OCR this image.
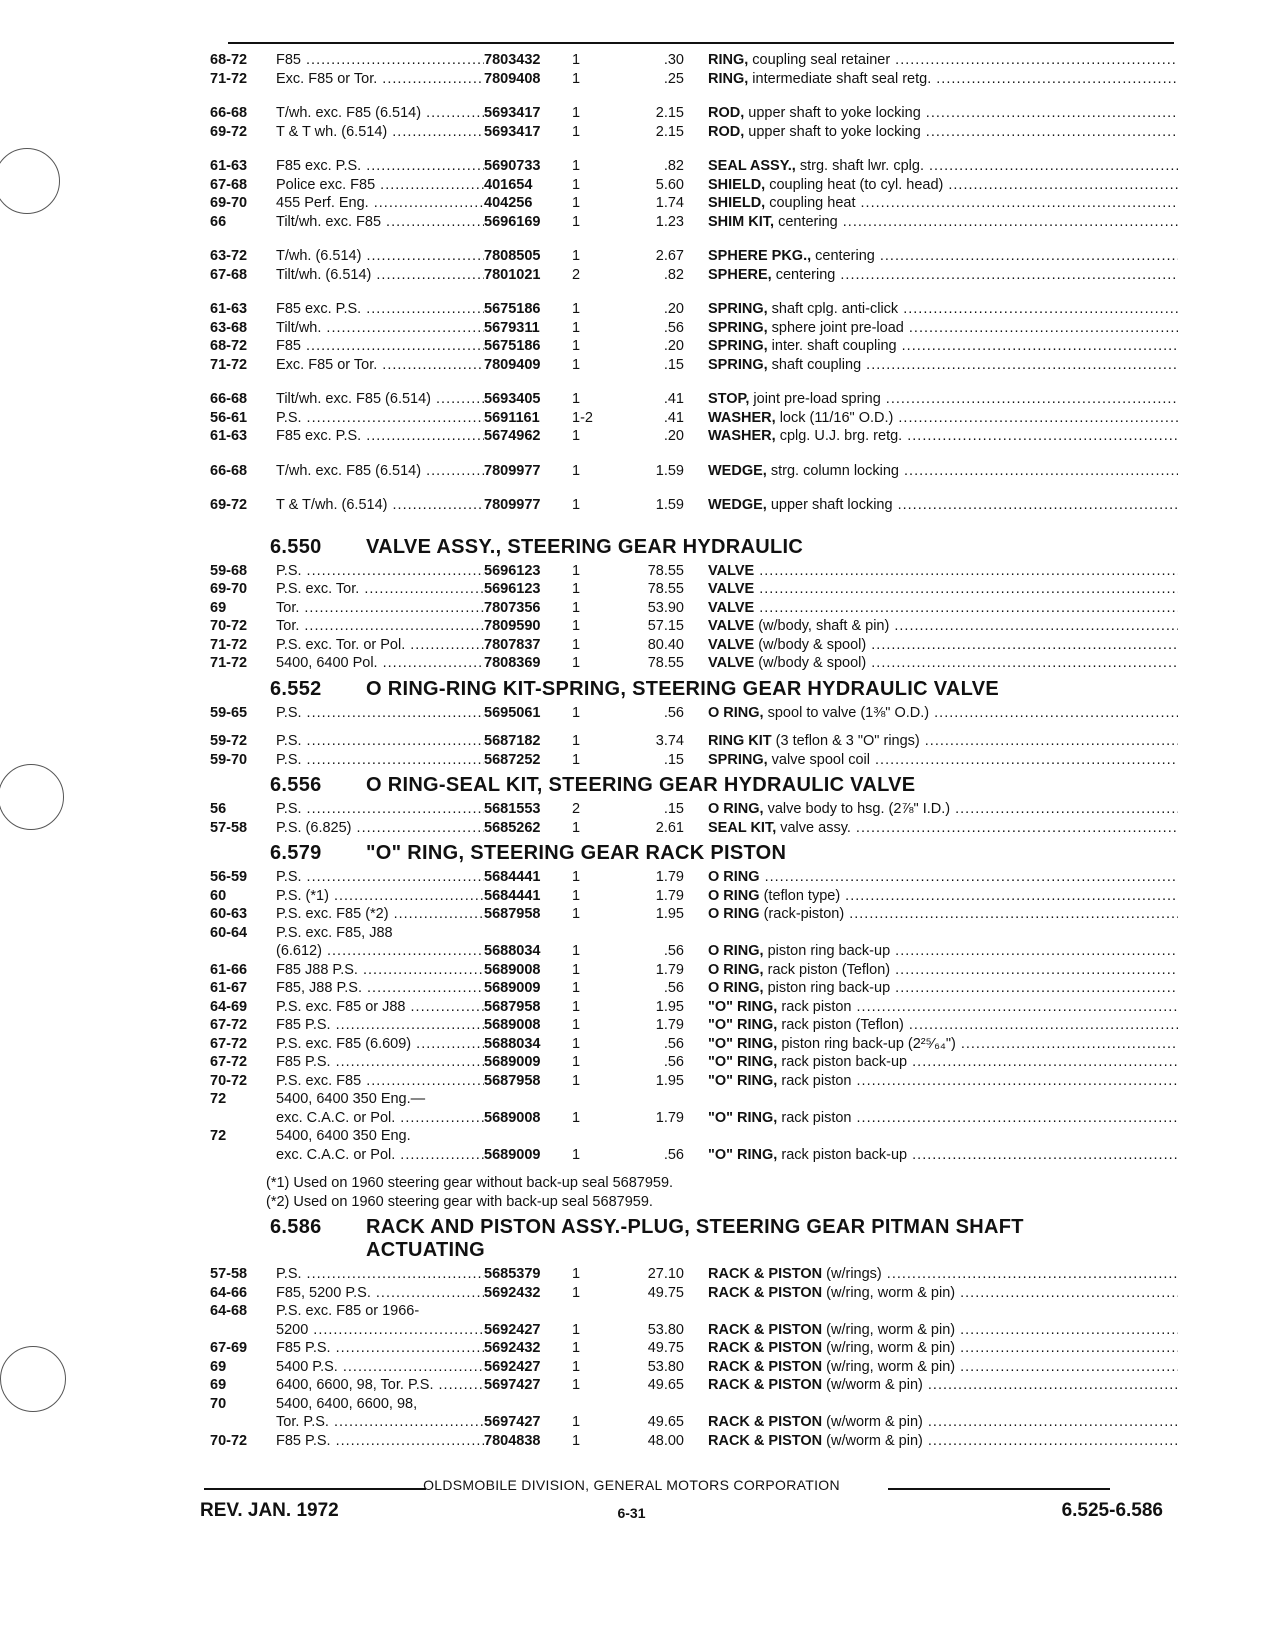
68-72	F85 .....	7803432	1	.30	RING, coupling seal retainer .....
71-72	Exc. F85 or Tor. .....	7809408	1	.25	RING, intermediate shaft seal retg. .....
66-68	T/wh. exc. F85 (6.514) .....	5693417	1	2.15	ROD, upper shaft to yoke locking .....
69-72	T & T wh. (6.514) .....	5693417	1	2.15	ROD, upper shaft to yoke locking .....
61-63	F85 exc. P.S. .....	5690733	1	.82	SEAL ASSY., strg. shaft lwr. cplg. .....
67-68	Police exc. F85 .....	401654	1	5.60	SHIELD, coupling heat (to cyl. head) .....
69-70	455 Perf. Eng. .....	404256	1	1.74	SHIELD, coupling heat .....
66	Tilt/wh. exc. F85 .....	5696169	1	1.23	SHIM KIT, centering .....
63-72	T/wh. (6.514) .....	7808505	1	2.67	SPHERE PKG., centering .....
67-68	Tilt/wh. (6.514) .....	7801021	2	.82	SPHERE, centering .....
61-63	F85 exc. P.S. .....	5675186	1	.20	SPRING, shaft cplg. anti-click .....
63-68	Tilt/wh. .....	5679311	1	.56	SPRING, sphere joint pre-load .....
68-72	F85 .....	5675186	1	.20	SPRING, inter. shaft coupling .....
71-72	Exc. F85 or Tor. .....	7809409	1	.15	SPRING, shaft coupling .....
66-68	Tilt/wh. exc. F85 (6.514) .....	5693405	1	.41	STOP, joint pre-load spring .....
56-61	P.S. .....	5691161	1-2	.41	WASHER, lock (11/16" O.D.) .....
61-63	F85 exc. P.S. .....	5674962	1	.20	WASHER, cplg. U.J. brg. retg. .....
66-68	T/wh. exc. F85 (6.514) .....	7809977	1	1.59	WEDGE, strg. column locking .....
69-72	T & T/wh. (6.514) .....	7809977	1	1.59	WEDGE, upper shaft locking .....
6.550	VALVE ASSY., STEERING GEAR HYDRAULIC
59-68	P.S. .....	5696123	1	78.55	VALVE .....
69-70	P.S. exc. Tor. .....	5696123	1	78.55	VALVE .....
69	Tor. .....	7807356	1	53.90	VALVE .....
70-72	Tor. .....	7809590	1	57.15	VALVE (w/body, shaft & pin) .....
71-72	P.S. exc. Tor. or Pol. .....	7807837	1	80.40	VALVE (w/body & spool) .....
71-72	5400, 6400 Pol. .....	7808369	1	78.55	VALVE (w/body & spool) .....
6.552	O RING-RING KIT-SPRING, STEERING GEAR HYDRAULIC VALVE
59-65	P.S. .....	5695061	1	.56	O RING, spool to valve (1⅜" O.D.) .....
59-72	P.S. .....	5687182	1	3.74	RING KIT (3 teflon & 3 "O" rings) .....
59-70	P.S. .....	5687252	1	.15	SPRING, valve spool coil .....
6.556	O RING-SEAL KIT, STEERING GEAR HYDRAULIC VALVE
56	P.S. .....	5681553	2	.15	O RING, valve body to hsg. (2⅞" I.D.) .....
57-58	P.S. (6.825) .....	5685262	1	2.61	SEAL KIT, valve assy. .....
6.579	"O" RING, STEERING GEAR RACK PISTON
56-59	P.S. .....	5684441	1	1.79	O RING .....
60	P.S. (*1) .....	5684441	1	1.79	O RING (teflon type) .....
60-63	P.S. exc. F85 (*2) .....	5687958	1	1.95	O RING (rack-piston) .....
60-64	P.S. exc. F85, J88
(6.612) .....	5688034	1	.56	O RING, piston ring back-up .....
61-66	F85 J88 P.S. .....	5689008	1	1.79	O RING, rack piston (Teflon) .....
61-67	F85, J88 P.S. .....	5689009	1	.56	O RING, piston ring back-up .....
64-69	P.S. exc. F85 or J88 .....	5687958	1	1.95	"O" RING, rack piston .....
67-72	F85 P.S. .....	5689008	1	1.79	"O" RING, rack piston (Teflon) .....
67-72	P.S. exc. F85 (6.609) .....	5688034	1	.56	"O" RING, piston ring back-up (2²⁵⁄₆₄") .....
67-72	F85 P.S. .....	5689009	1	.56	"O" RING, rack piston back-up .....
70-72	P.S. exc. F85 .....	5687958	1	1.95	"O" RING, rack piston .....
72	5400, 6400 350 Eng.—
exc. C.A.C. or Pol. .....	5689008	1	1.79	"O" RING, rack piston .....
72	5400, 6400 350 Eng.
exc. C.A.C. or Pol. .....	5689009	1	.56	"O" RING, rack piston back-up .....
(*1) Used on 1960 steering gear without back-up seal 5687959.
(*2) Used on 1960 steering gear with back-up seal 5687959.
6.586	RACK AND PISTON ASSY.-PLUG, STEERING GEAR PITMAN SHAFT
ACTUATING
57-58	P.S. .....	5685379	1	27.10	RACK & PISTON (w/rings) .....
64-66	F85, 5200 P.S. .....	5692432	1	49.75	RACK & PISTON (w/ring, worm & pin) .....
64-68	P.S. exc. F85 or 1966-
5200 .....	5692427	1	53.80	RACK & PISTON (w/ring, worm & pin) .....
67-69	F85 P.S. .....	5692432	1	49.75	RACK & PISTON (w/ring, worm & pin) .....
69	5400 P.S. .....	5692427	1	53.80	RACK & PISTON (w/ring, worm & pin) .....
69	6400, 6600, 98, Tor. P.S. .....	5697427	1	49.65	RACK & PISTON (w/worm & pin) .....
70	5400, 6400, 6600, 98,
Tor. P.S. .....	5697427	1	49.65	RACK & PISTON (w/worm & pin) .....
70-72	F85 P.S. .....	7804838	1	48.00	RACK & PISTON (w/worm & pin) .....
OLDSMOBILE DIVISION, GENERAL MOTORS CORPORATION
REV. JAN. 1972	6-31	6.525-6.586
